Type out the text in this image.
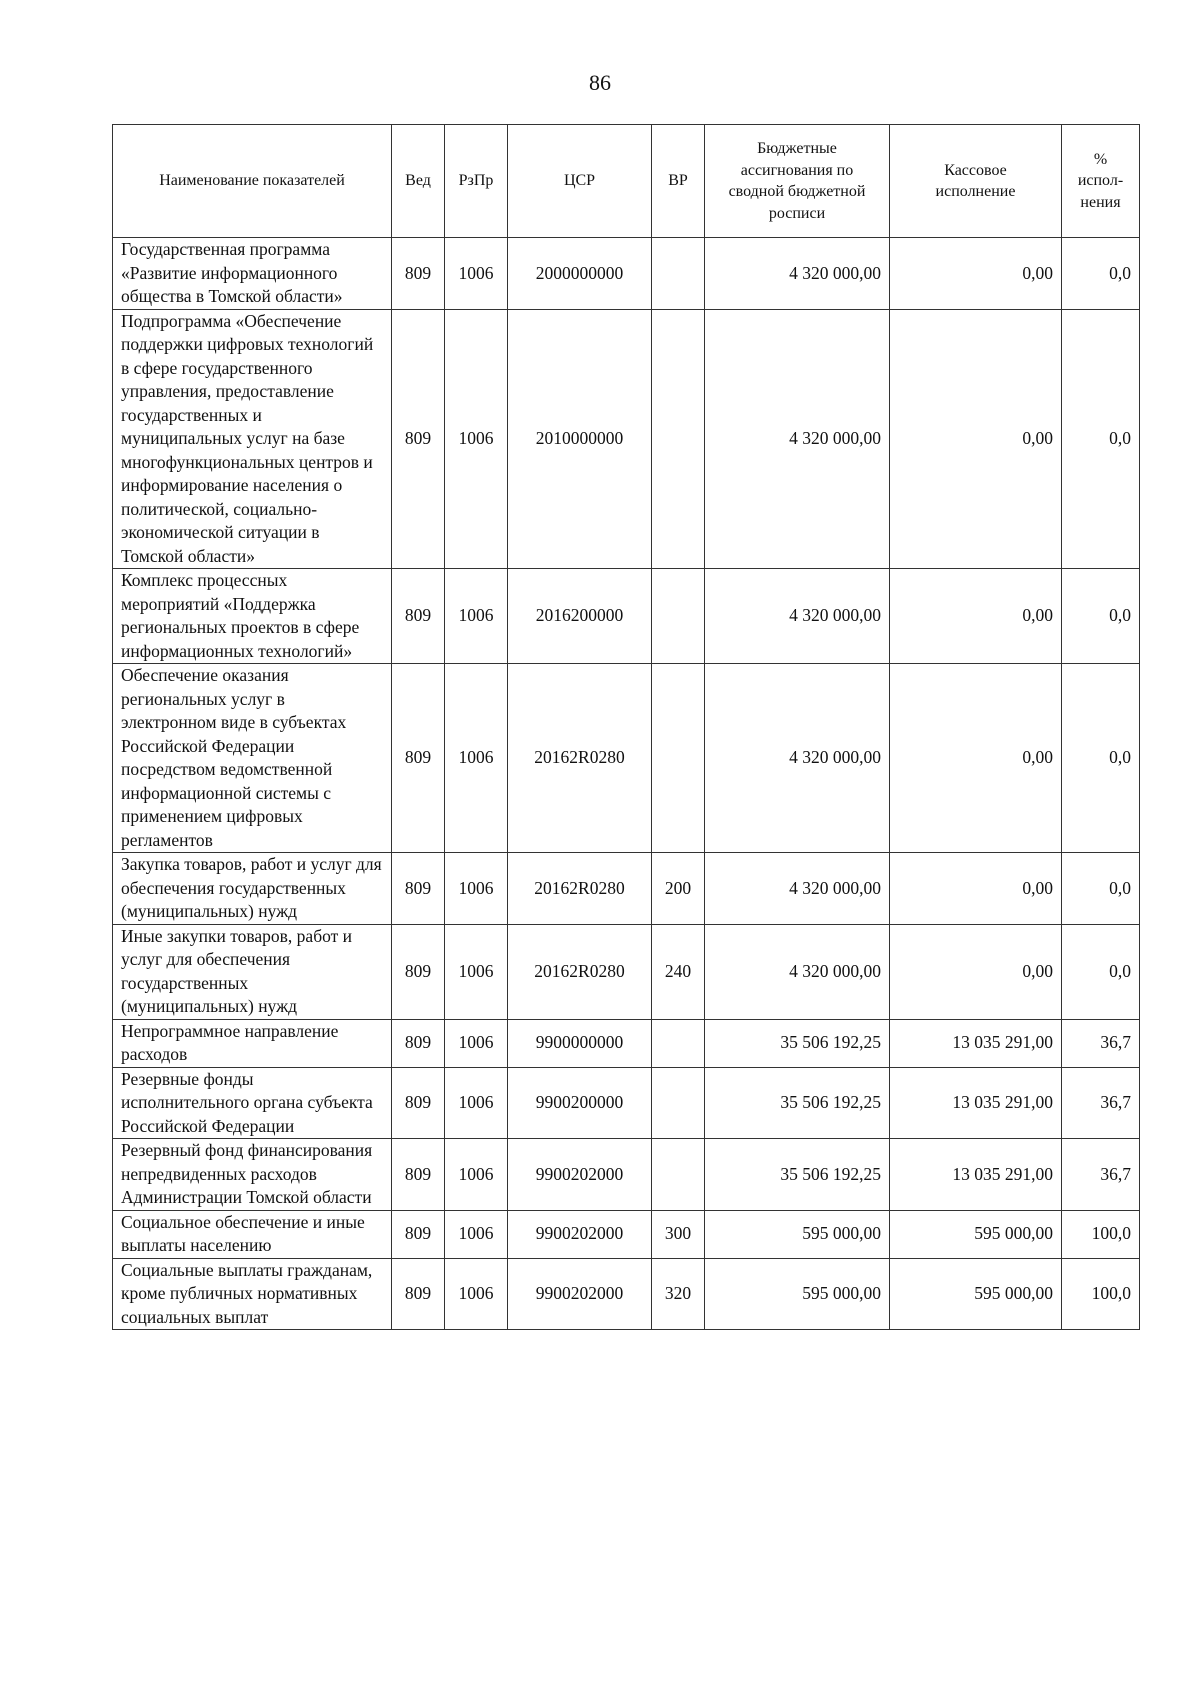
86
Наименование показателей	Вед	РзПр	ЦСР	ВР	Бюджетные ассигнования по сводной бюджетной росписи	Кассовое исполнение	%
испол-
нения

Государственная программа «Развитие информационного общества в Томской области»	809	1006	2000000000		4 320 000,00	0,00	0,0
Подпрограмма «Обеспечение поддержки цифровых технологий в сфере государственного управления, предоставление государственных и муниципальных услуг на базе многофункциональных центров и информирование населения о политической, социально-экономической ситуации в Томской области»	809	1006	2010000000		4 320 000,00	0,00	0,0
Комплекс процессных мероприятий «Поддержка региональных проектов в сфере информационных технологий»	809	1006	2016200000		4 320 000,00	0,00	0,0
Обеспечение оказания региональных услуг в электронном виде в субъектах Российской Федерации посредством ведомственной информационной системы с применением цифровых регламентов	809	1006	20162R0280		4 320 000,00	0,00	0,0
Закупка товаров, работ и услуг для обеспечения государственных (муниципальных) нужд	809	1006	20162R0280	200	4 320 000,00	0,00	0,0
Иные закупки товаров, работ и услуг для обеспечения государственных (муниципальных) нужд	809	1006	20162R0280	240	4 320 000,00	0,00	0,0
Непрограммное направление расходов	809	1006	9900000000		35 506 192,25	13 035 291,00	36,7
Резервные фонды исполнительного органа субъекта Российской Федерации	809	1006	9900200000		35 506 192,25	13 035 291,00	36,7
Резервный фонд финансирования непредвиденных расходов Администрации Томской области	809	1006	9900202000		35 506 192,25	13 035 291,00	36,7
Социальное обеспечение и иные выплаты населению	809	1006	9900202000	300	595 000,00	595 000,00	100,0
Социальные выплаты гражданам, кроме публичных нормативных социальных выплат	809	1006	9900202000	320	595 000,00	595 000,00	100,0
